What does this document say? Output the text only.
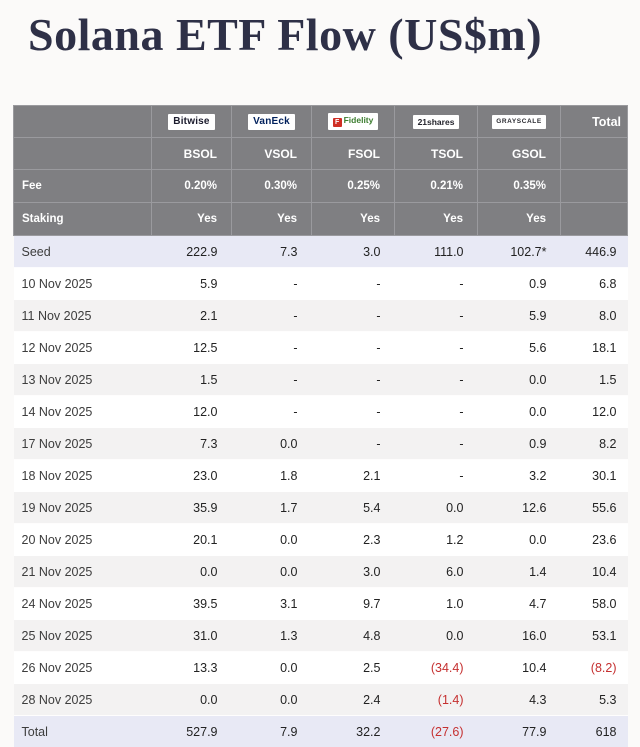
Solana ETF Flow (US$m)
	Bitwise	VanEck	F Fidelity	21shares	GRAYSCALE	Total
	BSOL	VSOL	FSOL	TSOL	GSOL	
Fee	0.20%	0.30%	0.25%	0.21%	0.35%	
Staking	Yes	Yes	Yes	Yes	Yes	
Seed	222.9	7.3	3.0	111.0	102.7*	446.9
10 Nov 2025	5.9	-	-	-	0.9	6.8
11 Nov 2025	2.1	-	-	-	5.9	8.0
12 Nov 2025	12.5	-	-	-	5.6	18.1
13 Nov 2025	1.5	-	-	-	0.0	1.5
14 Nov 2025	12.0	-	-	-	0.0	12.0
17 Nov 2025	7.3	0.0	-	-	0.9	8.2
18 Nov 2025	23.0	1.8	2.1	-	3.2	30.1
19 Nov 2025	35.9	1.7	5.4	0.0	12.6	55.6
20 Nov 2025	20.1	0.0	2.3	1.2	0.0	23.6
21 Nov 2025	0.0	0.0	3.0	6.0	1.4	10.4
24 Nov 2025	39.5	3.1	9.7	1.0	4.7	58.0
25 Nov 2025	31.0	1.3	4.8	0.0	16.0	53.1
26 Nov 2025	13.3	0.0	2.5	(34.4)	10.4	(8.2)
28 Nov 2025	0.0	0.0	2.4	(1.4)	4.3	5.3
Total	527.9	7.9	32.2	(27.6)	77.9	618
